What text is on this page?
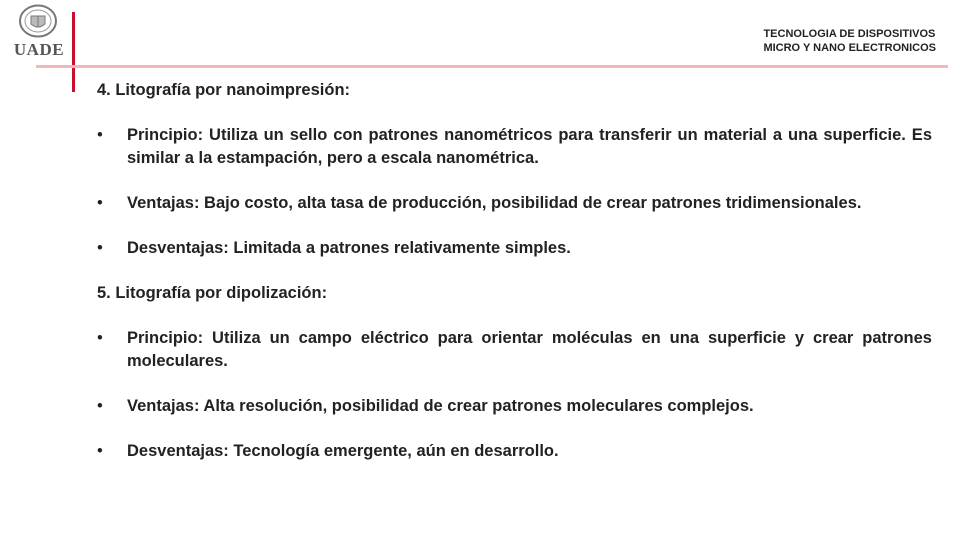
UADE
TECNOLOGIA DE DISPOSITIVOS
MICRO Y NANO ELECTRONICOS
4. Litografía por nanoimpresión:
• Principio: Utiliza un sello con patrones nanométricos para transferir un material a una superficie. Es similar a la estampación, pero a escala nanométrica.
• Ventajas: Bajo costo, alta tasa de producción, posibilidad de crear patrones tridimensionales.
• Desventajas: Limitada a patrones relativamente simples.
5. Litografía por dipolización:
• Principio: Utiliza un campo eléctrico para orientar moléculas en una superficie y crear patrones moleculares.
• Ventajas: Alta resolución, posibilidad de crear patrones moleculares complejos.
• Desventajas: Tecnología emergente, aún en desarrollo.
